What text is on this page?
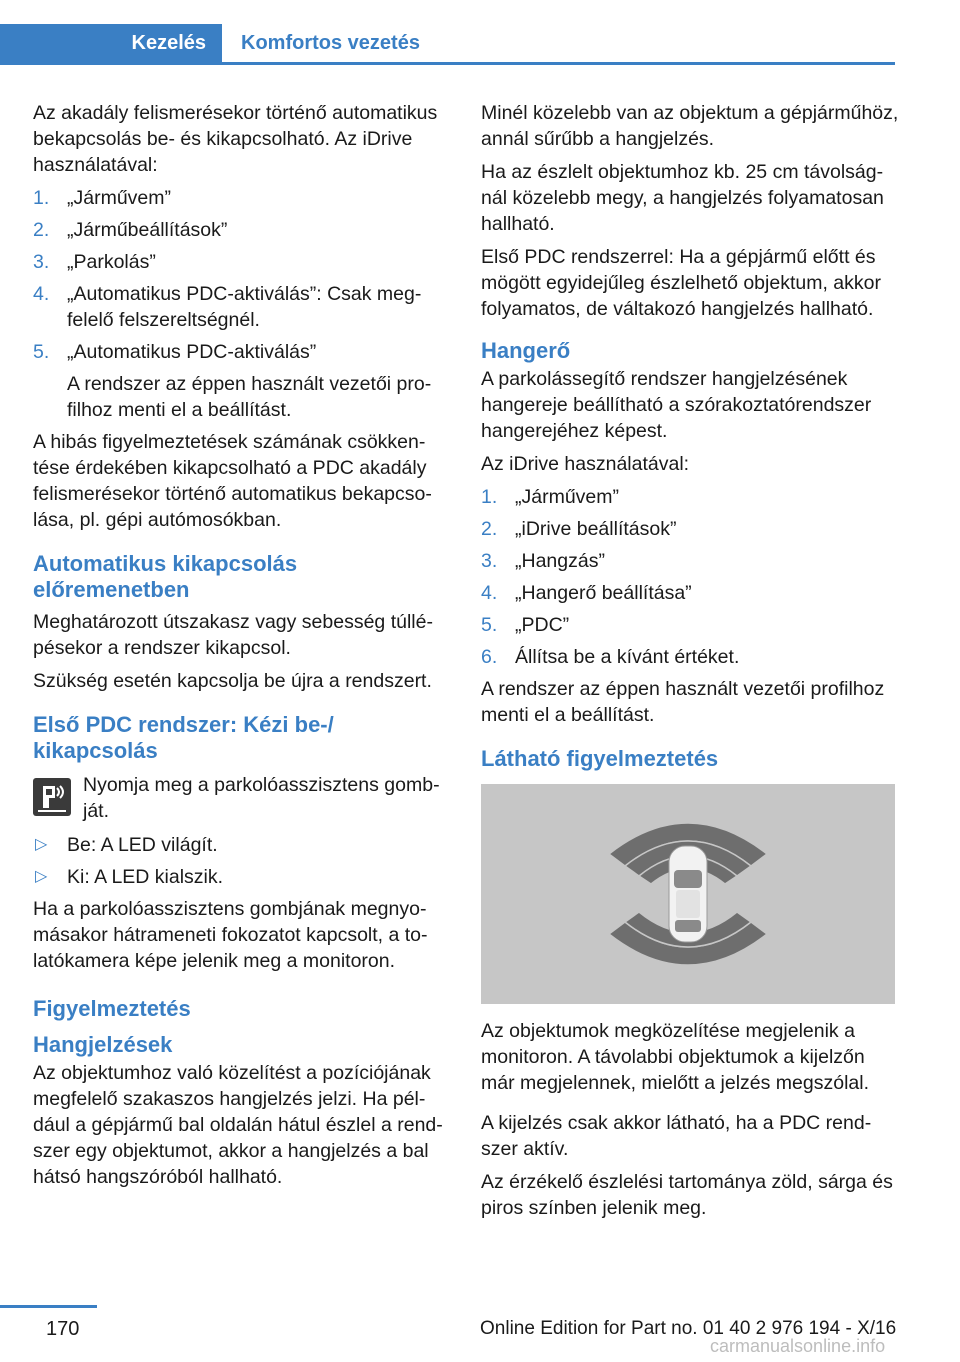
Kezelés Komfortos vezetés

Az akadály felismerésekor történő automatikus bekapcsolás be- és kikapcsolható. Az iDrive használatával:

1. „Járművem”
2. „Járműbeállítások”
3. „Parkolás”
4. „Automatikus PDC-aktiválás”: Csak megfelelő felszereltségnél.
5. „Automatikus PDC-aktiválás”
A rendszer az éppen használt vezetői profilhoz menti el a beállítást.

A hibás figyelmeztetések számának csökkentése érdekében kikapcsolható a PDC akadály felismerésekor történő automatikus bekapcsolása, pl. gépi autómosókban.

Automatikus kikapcsolás előremenetben

Meghatározott útszakasz vagy sebesség túllépésekor a rendszer kikapcsol.

Szükség esetén kapcsolja be újra a rendszert.

Első PDC rendszer: Kézi be-/ kikapcsolás
Nyomja meg a parkolóasszisztens gombját.
▷ Be: A LED világít.
▷ Ki: A LED kialszik.

Ha a parkolóasszisztens gombjának megnyomásakor hátrameneti fokozatot kapcsolt, a tolatókamera képe jelenik meg a monitoron.

Figyelmeztetés
Hangjelzések

Az objektumhoz való közelítést a pozíciójának megfelelő szakaszos hangjelzés jelzi. Ha például a gépjármű bal oldalán hátul észlel a rendszer egy objektumot, akkor a hangjelzés a bal hátsó hangszóróból hallható.

Minél közelebb van az objektum a gépjárműhöz, annál sűrűbb a hangjelzés.

Ha az észlelt objektumhoz kb. 25 cm távolságnál közelebb megy, a hangjelzés folyamatosan hallható.

Első PDC rendszerrel: Ha a gépjármű előtt és mögött egyidejűleg észlelhető objektum, akkor folyamatos, de váltakozó hangjelzés hallható.

Hangerő

A parkolássegítő rendszer hangjelzésének hangereje beállítható a szórakoztatórendszer hangerejéhez képest.

Az iDrive használatával:

1. „Járművem”
2. „iDrive beállítások”
3. „Hangzás”
4. „Hangerő beállítása”
5. „PDC”
6. Állítsa be a kívánt értéket.

A rendszer az éppen használt vezetői profilhoz menti el a beállítást.

Látható figyelmeztetés

Az objektumok megközelítése megjelenik a monitoron. A távolabbi objektumok a kijelzőn már megjelennek, mielőtt a jelzés megszólal.

A kijelzés csak akkor látható, ha a PDC rendszer aktív.

Az érzékelő észlelési tartománya zöld, sárga és piros színben jelenik meg.

170	Online Edition for Part no. 01 40 2 976 194 - X/16
carmanualsonline.info
